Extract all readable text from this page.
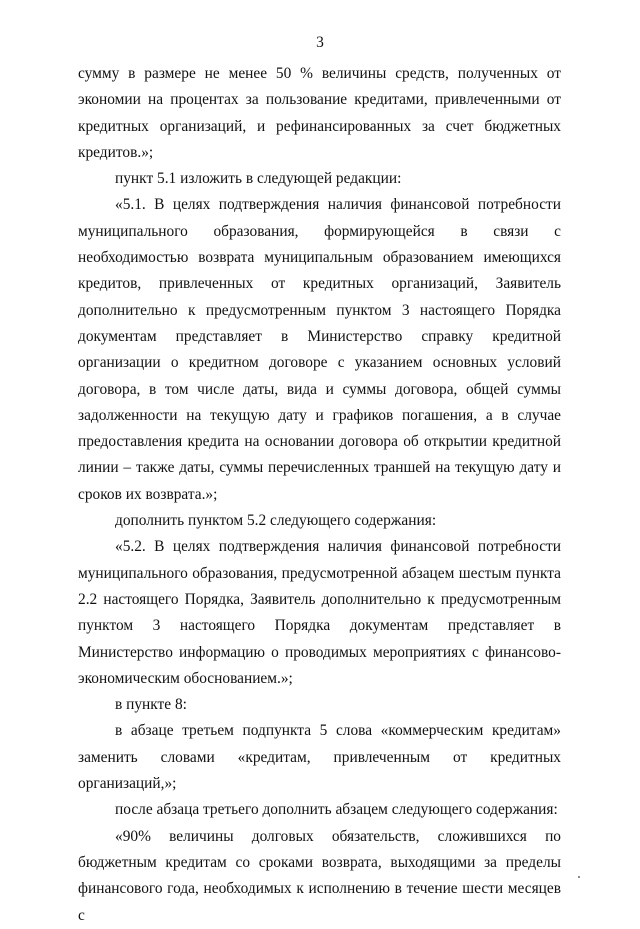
3

сумму в размере не менее 50 % величины средств, полученных от экономии на процентах за пользование кредитами, привлеченными от кредитных организаций, и рефинансированных за счет бюджетных кредитов.»;

пункт 5.1 изложить в следующей редакции:

«5.1. В целях подтверждения наличия финансовой потребности муниципального образования, формирующейся в связи с необходимостью возврата муниципальным образованием имеющихся кредитов, привлеченных от кредитных организаций, Заявитель дополнительно к предусмотренным пунктом 3 настоящего Порядка документам представляет в Министерство справку кредитной организации о кредитном договоре с указанием основных условий договора, в том числе даты, вида и суммы договора, общей суммы задолженности на текущую дату и графиков погашения, а в случае предоставления кредита на основании договора об открытии кредитной линии – также даты, суммы перечисленных траншей на текущую дату и сроков их возврата.»;

дополнить пунктом 5.2 следующего содержания:

«5.2. В целях подтверждения наличия финансовой потребности муниципального образования, предусмотренной абзацем шестым пункта 2.2 настоящего Порядка, Заявитель дополнительно к предусмотренным пунктом 3 настоящего Порядка документам представляет в Министерство информацию о проводимых мероприятиях с финансово-экономическим обоснованием.»;

в пункте 8:

в абзаце третьем подпункта 5 слова «коммерческим кредитам» заменить словами «кредитам, привлеченным от кредитных организаций,»;

после абзаца третьего дополнить абзацем следующего содержания:

«90% величины долговых обязательств, сложившихся по бюджетным кредитам со сроками возврата, выходящими за пределы финансового года, необходимых к исполнению в течение шести месяцев с
